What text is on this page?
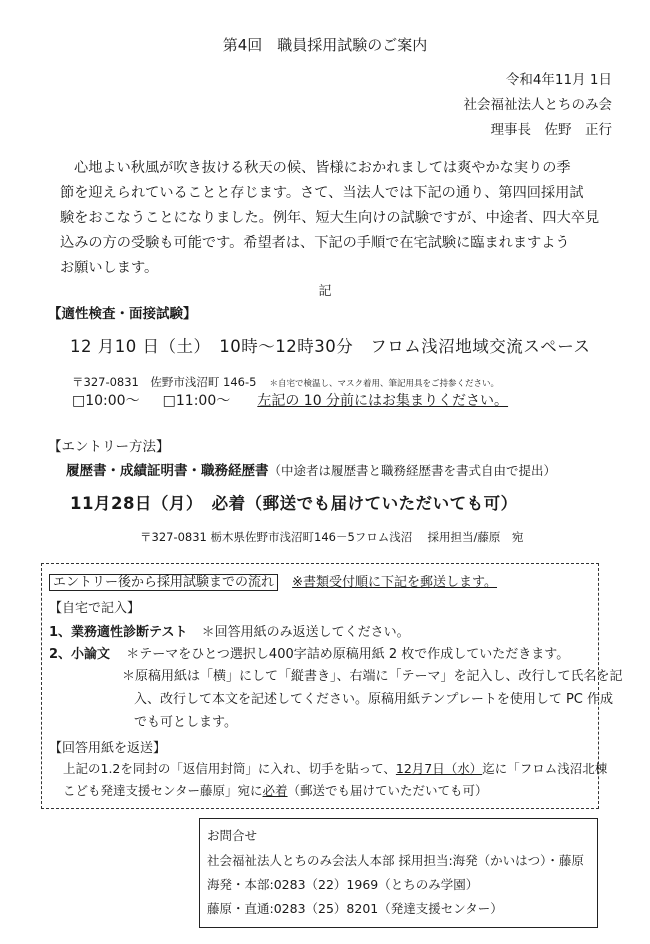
第4回　職員採用試験のご案内
令和4年11月 1日
社会福祉法人とちのみ会
理事長　佐野　正行
心地よい秋風が吹き抜ける秋天の候、皆様におかれましては爽やかな実りの季
節を迎えられていることと存じます。さて、当法人では下記の通り、第四回採用試
験をおこなうことになりました。例年、短大生向けの試験ですが、中途者、四大卒見
込みの方の受験も可能です。希望者は、下記の手順で在宅試験に臨まれますよう
お願いします。
記
【適性検査・面接試験】
12 月10 日（土）　10時～12時30分　フロム浅沼地域交流スペース
〒327-0831　佐野市浅沼町 146-5 ＊自宅で検温し、マスク着用、筆記用具をご持参ください。
□10:00～ □11:00～ 左記の 10 分前にはお集まりください。
【エントリー方法】
履歴書・成績証明書・職務経歴書（中途者は履歴書と職務経歴書を書式自由で提出）
11月28日（月）　必着（郵送でも届けていただいても可）
〒327-0831 栃木県佐野市浅沼町146－5フロム浅沼　 採用担当/藤原　宛
エントリー後から採用試験までの流れ ※書類受付順に下記を郵送します。
【自宅で記入】
1、業務適性診断テスト ＊回答用紙のみ返送してください。
2、小論文 ＊テーマをひとつ選択し400字詰め原稿用紙 2 枚で作成していただきます。
＊原稿用紙は「横」にして「縦書き」、右端に「テーマ」を記入し、改行して氏名を記
入、改行して本文を記述してください。原稿用紙テンプレートを使用して PC 作成
でも可とします。
【回答用紙を返送】
上記の1.2を同封の「返信用封筒」に入れ、切手を貼って、12月7日（水）迄に「フロム浅沼北棟
こども発達支援センター藤原」宛に必着（郵送でも届けていただいても可）
お問合せ
社会福祉法人とちのみ会法人本部 採用担当:海発（かいはつ）・藤原
海発・本部:0283（22）1969（とちのみ学園）
藤原・直通:0283（25）8201（発達支援センター）
